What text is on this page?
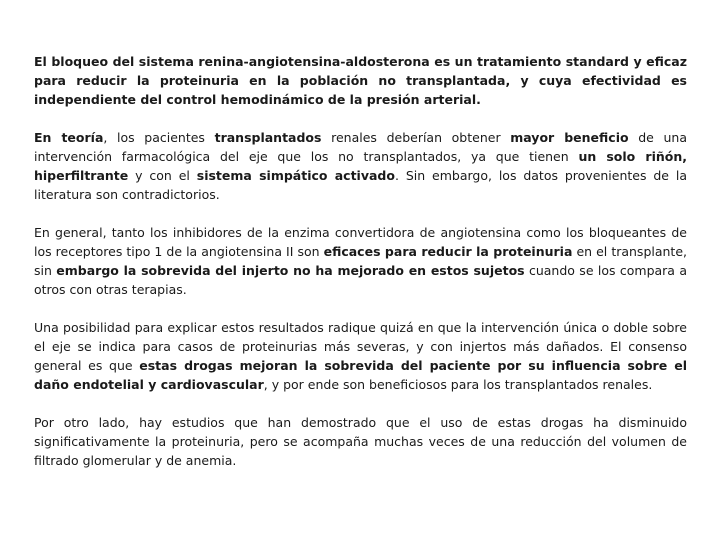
El bloqueo del sistema renina-angiotensina-aldosterona es un tratamiento standard y eficaz para reducir la proteinuria en la población no transplantada, y cuya efectividad es independiente del control hemodinámico de la presión arterial.

En teoría, los pacientes transplantados renales deberían obtener mayor beneficio de una intervención farmacológica del eje que los no transplantados, ya que tienen un solo riñón, hiperfiltrante y con el sistema simpático activado. Sin embargo, los datos provenientes de la literatura son contradictorios.

En general, tanto los inhibidores de la enzima convertidora de angiotensina como los bloqueantes de los receptores tipo 1 de la angiotensina II son eficaces para reducir la proteinuria en el transplante, sin embargo la sobrevida del injerto no ha mejorado en estos sujetos cuando se los compara a otros con otras terapias.

Una posibilidad para explicar estos resultados radique quizá en que la intervención única o doble sobre el eje se indica para casos de proteinurias más severas, y con injertos más dañados. El consenso general es que estas drogas mejoran la sobrevida del paciente por su influencia sobre el daño endotelial y cardiovascular, y por ende son beneficiosos para los transplantados renales.

Por otro lado, hay estudios que han demostrado que el uso de estas drogas ha disminuido significativamente la proteinuria, pero se acompaña muchas veces de una reducción del volumen de filtrado glomerular y de anemia.
